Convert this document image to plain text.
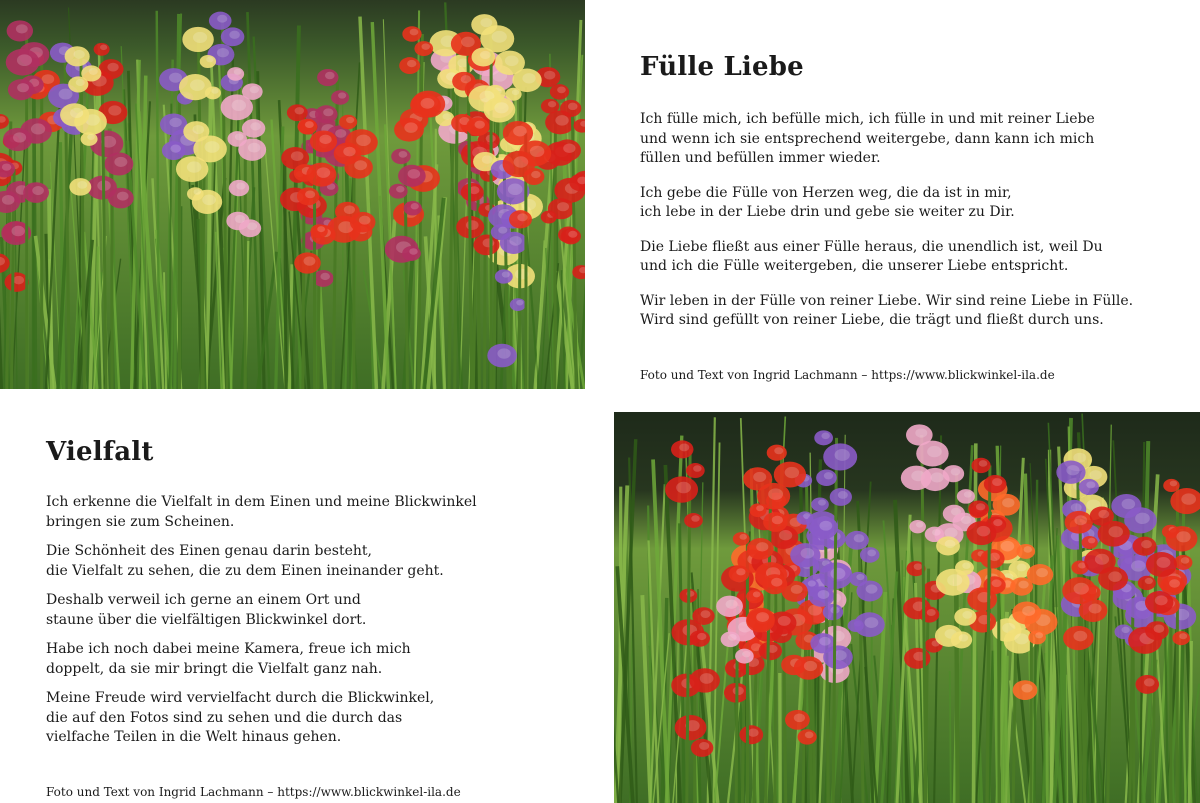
Fülle Liebe

Ich fülle mich, ich befülle mich, ich fülle in und mit reiner Liebe
und wenn ich sie entsprechend weitergebe, dann kann ich mich
füllen und befüllen immer wieder.

Ich gebe die Fülle von Herzen weg, die da ist in mir,
ich lebe in der Liebe drin und gebe sie weiter zu Dir.

Die Liebe fließt aus einer Fülle heraus, die unendlich ist, weil Du
und ich die Fülle weitergeben, die unserer Liebe entspricht.

Wir leben in der Fülle von reiner Liebe. Wir sind reine Liebe in Fülle.
Wird sind gefüllt von reiner Liebe, die trägt und fließt durch uns.

Foto und Text von Ingrid Lachmann – https://www.blickwinkel-ila.de
Vielfalt

Ich erkenne die Vielfalt in dem Einen und meine Blickwinkel
bringen sie zum Scheinen.

Die Schönheit des Einen genau darin besteht,
die Vielfalt zu sehen, die zu dem Einen ineinander geht.

Deshalb verweil ich gerne an einem Ort und
staune über die vielfältigen Blickwinkel dort.

Habe ich noch dabei meine Kamera, freue ich mich
doppelt, da sie mir bringt die Vielfalt ganz nah.

Meine Freude wird vervielfacht durch die Blickwinkel,
die auf den Fotos sind zu sehen und die durch das
vielfache Teilen in die Welt hinaus gehen.

Foto und Text von Ingrid Lachmann – https://www.blickwinkel-ila.de
